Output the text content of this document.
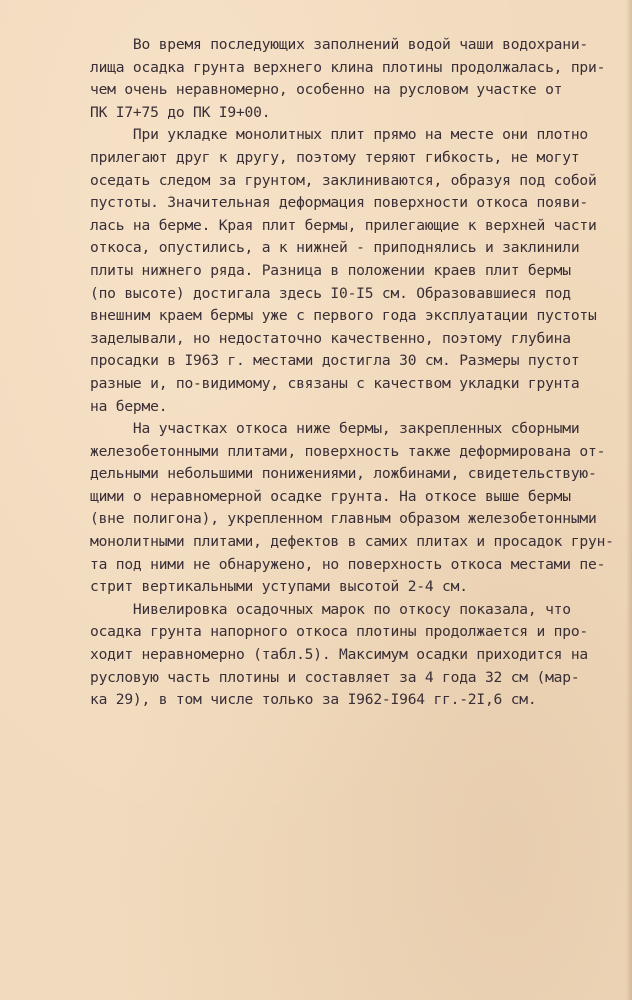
Во время последующих заполнений водой чаши водохрани-
лища осадка грунта верхнего клина плотины продолжалась, при-
чем очень неравномерно, особенно на русловом участке от
ПК I7+75 до ПК I9+00.
При укладке монолитных плит прямо на месте они плотно
прилегают друг к другу, поэтому теряют гибкость, не могут
оседать следом за грунтом, заклиниваются, образуя под собой
пустоты. Значительная деформация поверхности откоса появи-
лась на берме. Края плит бермы, прилегающие к верхней части
откоса, опустились, а к нижней - приподнялись и заклинили
плиты нижнего ряда. Разница в положении краев плит бермы
(по высоте) достигала здесь I0-I5 см. Образовавшиеся под
внешним краем бермы уже с первого года эксплуатации пустоты
заделывали, но недостаточно качественно, поэтому глубина
просадки в I963 г. местами достигла 30 см. Размеры пустот
разные и, по-видимому, связаны с качеством укладки грунта
на берме.
На участках откоса ниже бермы, закрепленных сборными
железобетонными плитами, поверхность также деформирована от-
дельными небольшими понижениями, ложбинами, свидетельствую-
щими о неравномерной осадке грунта. На откосе выше бермы
(вне полигона), укрепленном главным образом железобетонными
монолитными плитами, дефектов в самих плитах и просадок грун-
та под ними не обнаружено, но поверхность откоса местами пе-
стрит вертикальными уступами высотой 2-4 см.
Нивелировка осадочных марок по откосу показала, что
осадка грунта напорного откоса плотины продолжается и про-
ходит неравномерно (табл.5). Максимум осадки приходится на
русловую часть плотины и составляет за 4 года 32 см (мар-
ка 29), в том числе только за I962-I964 гг.-2I,6 см.
